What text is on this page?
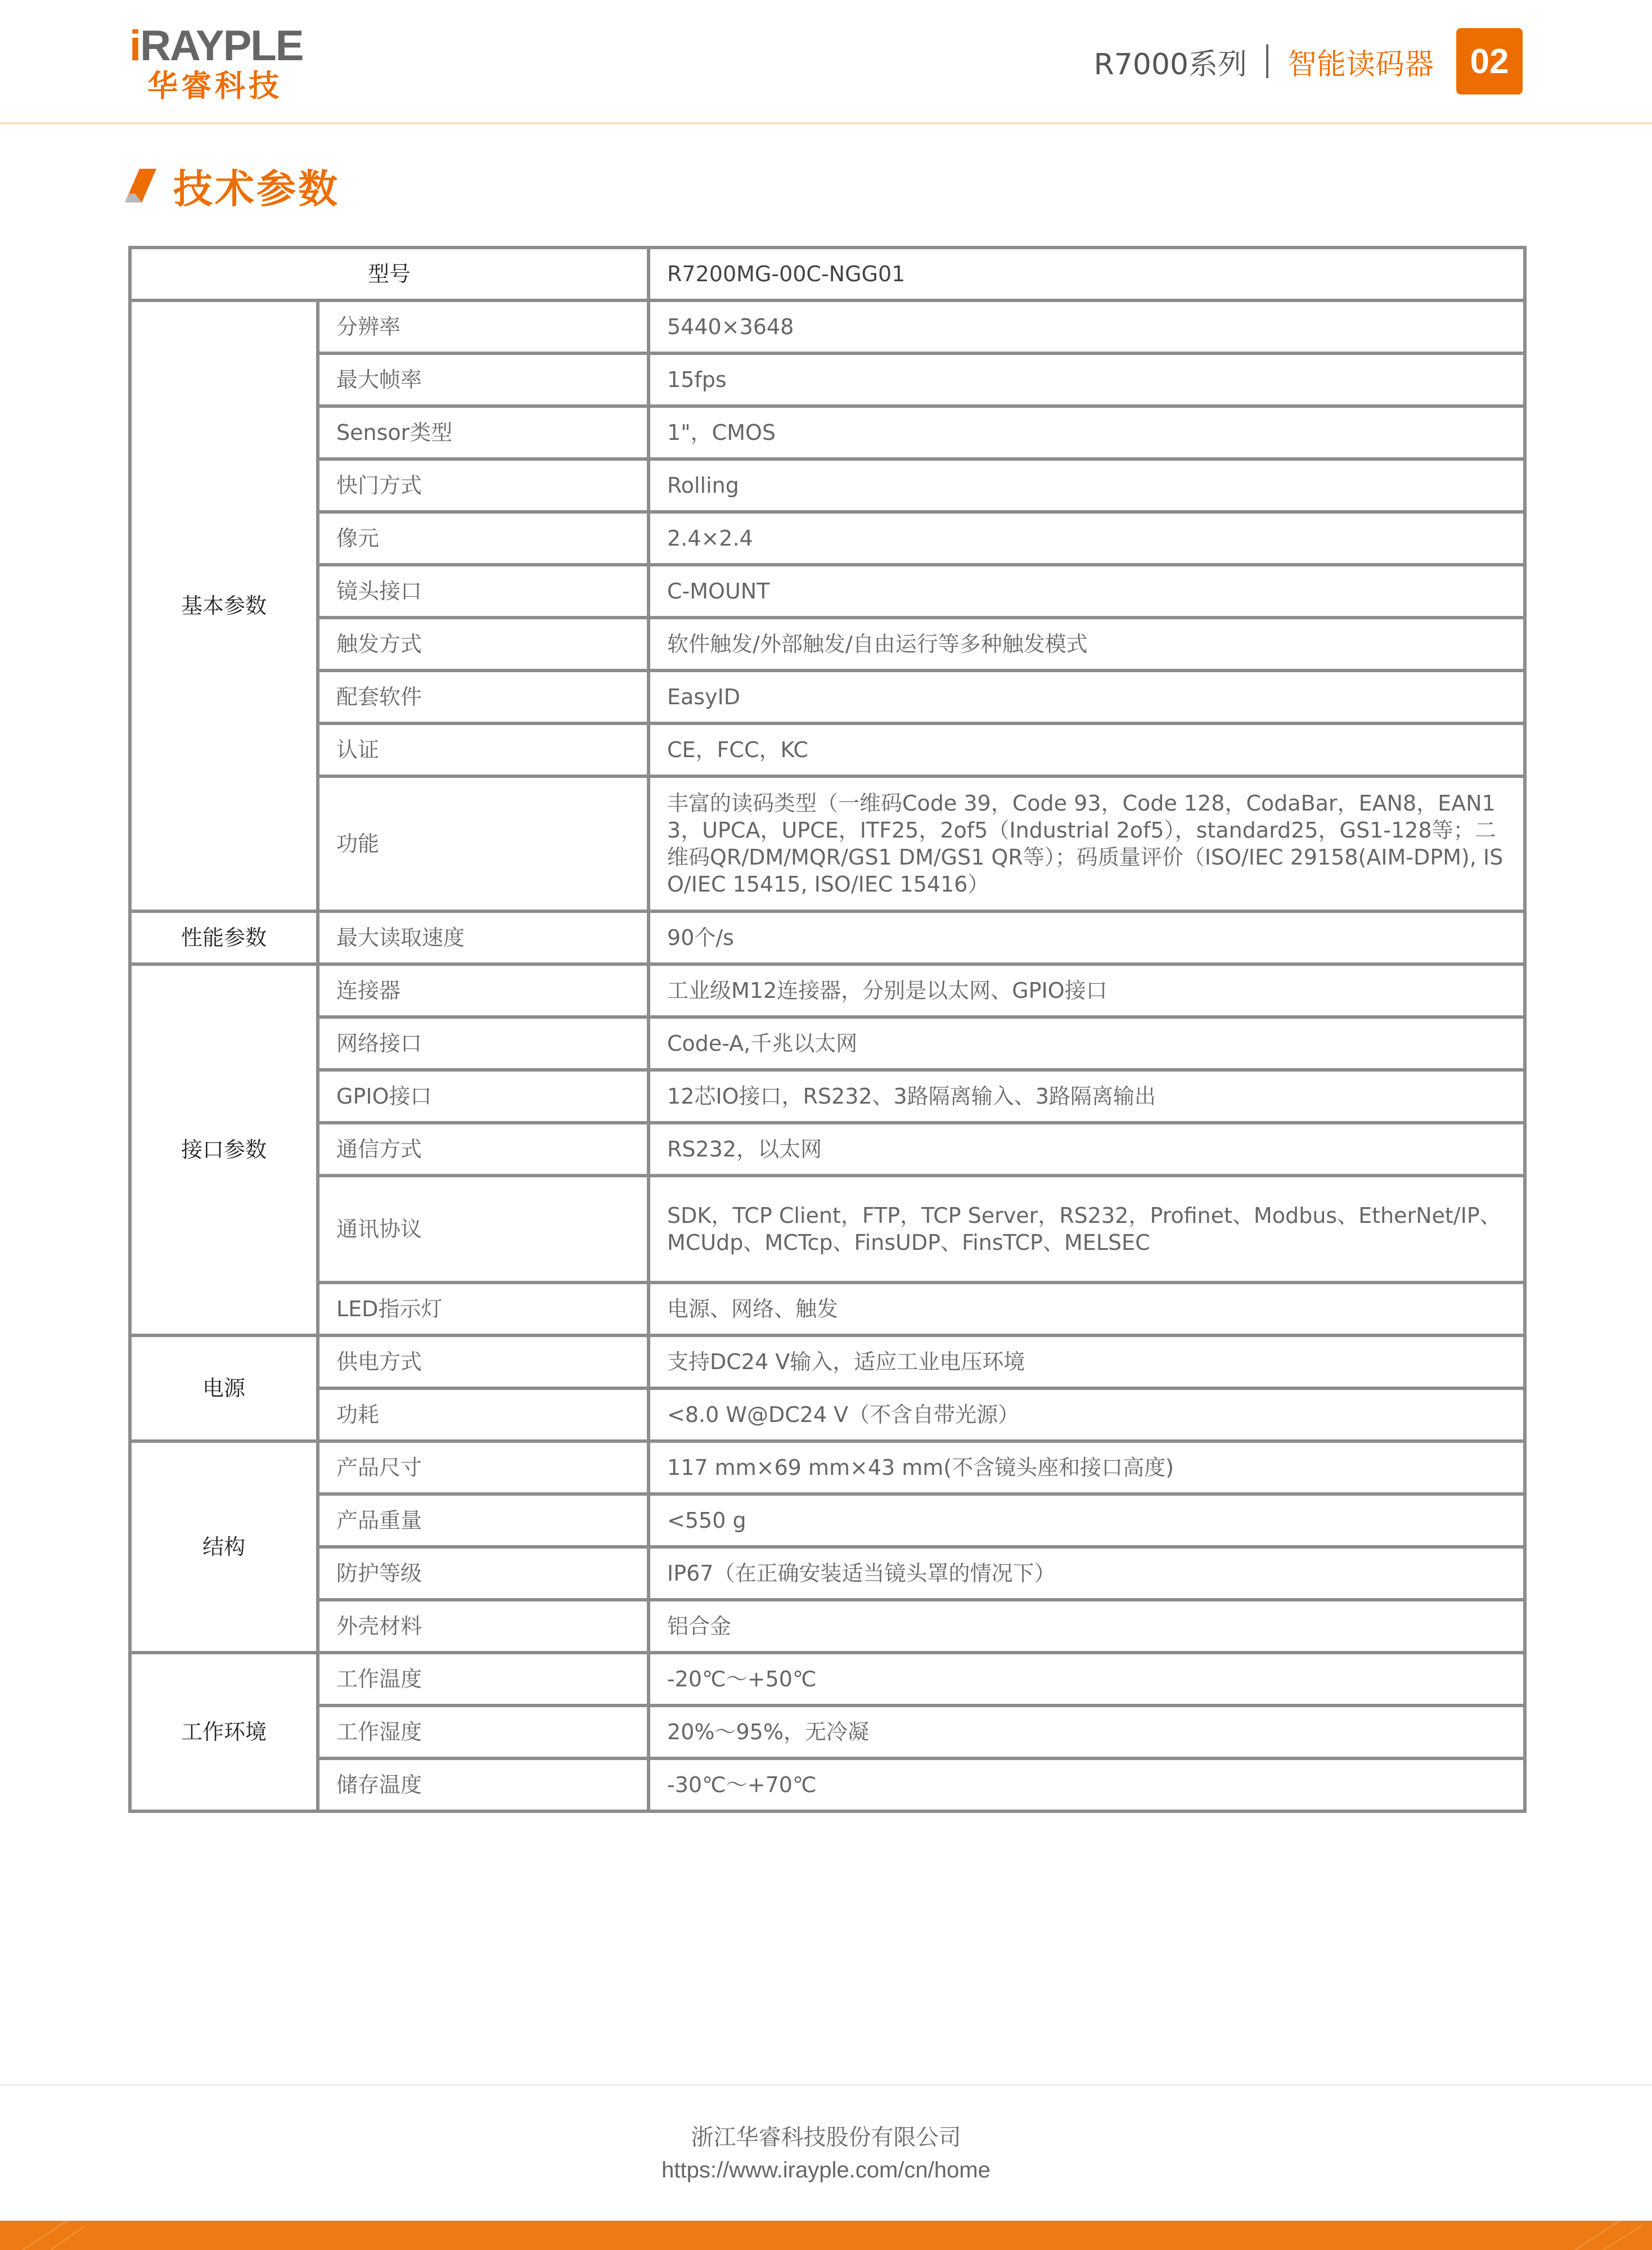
iRAYPLE
华睿科技
R7000系列 智能读码器	02
技术参数
型号		R7200MG-00C-NGG01
基本参数	分辨率	5440×3648
	最大帧率	15fps
	Sensor类型	1"，CMOS
	快门方式	Rolling
	像元	2.4×2.4
	镜头接口	C-MOUNT
	触发方式	软件触发/外部触发/自由运行等多种触发模式
	配套软件	EasyID
	认证	CE，FCC，KC
	功能	丰富的读码类型（一维码Code 39，Code 93，Code 128，CodaBar，EAN8，EAN13，UPCA，UPCE，ITF25，2of5（Industrial 2of5），standard25，GS1-128等；二维码QR/DM/MQR/GS1 DM/GS1 QR等）；码质量评价（ISO/IEC 29158(AIM-DPM), ISO/IEC 15415, ISO/IEC 15416）
性能参数	最大读取速度	90个/s
接口参数	连接器	工业级M12连接器，分别是以太网、GPIO接口
	网络接口	Code-A,千兆以太网
	GPIO接口	12芯IO接口，RS232、3路隔离输入、3路隔离输出
	通信方式	RS232，以太网
	通讯协议	SDK，TCP Client，FTP，TCP Server，RS232，Profinet、Modbus、EtherNet/IP、MCUdp、MCTcp、FinsUDP、FinsTCP、MELSEC
	LED指示灯	电源、网络、触发
电源	供电方式	支持DC24 V输入，适应工业电压环境
	功耗	<8.0 W@DC24 V（不含自带光源）
结构	产品尺寸	117 mm×69 mm×43 mm(不含镜头座和接口高度)
	产品重量	<550 g
	防护等级	IP67（在正确安装适当镜头罩的情况下）
	外壳材料	铝合金
工作环境	工作温度	-20℃～+50℃
	工作湿度	20%～95%，无冷凝
	储存温度	-30℃～+70℃
浙江华睿科技股份有限公司
https://www.irayple.com/cn/home
